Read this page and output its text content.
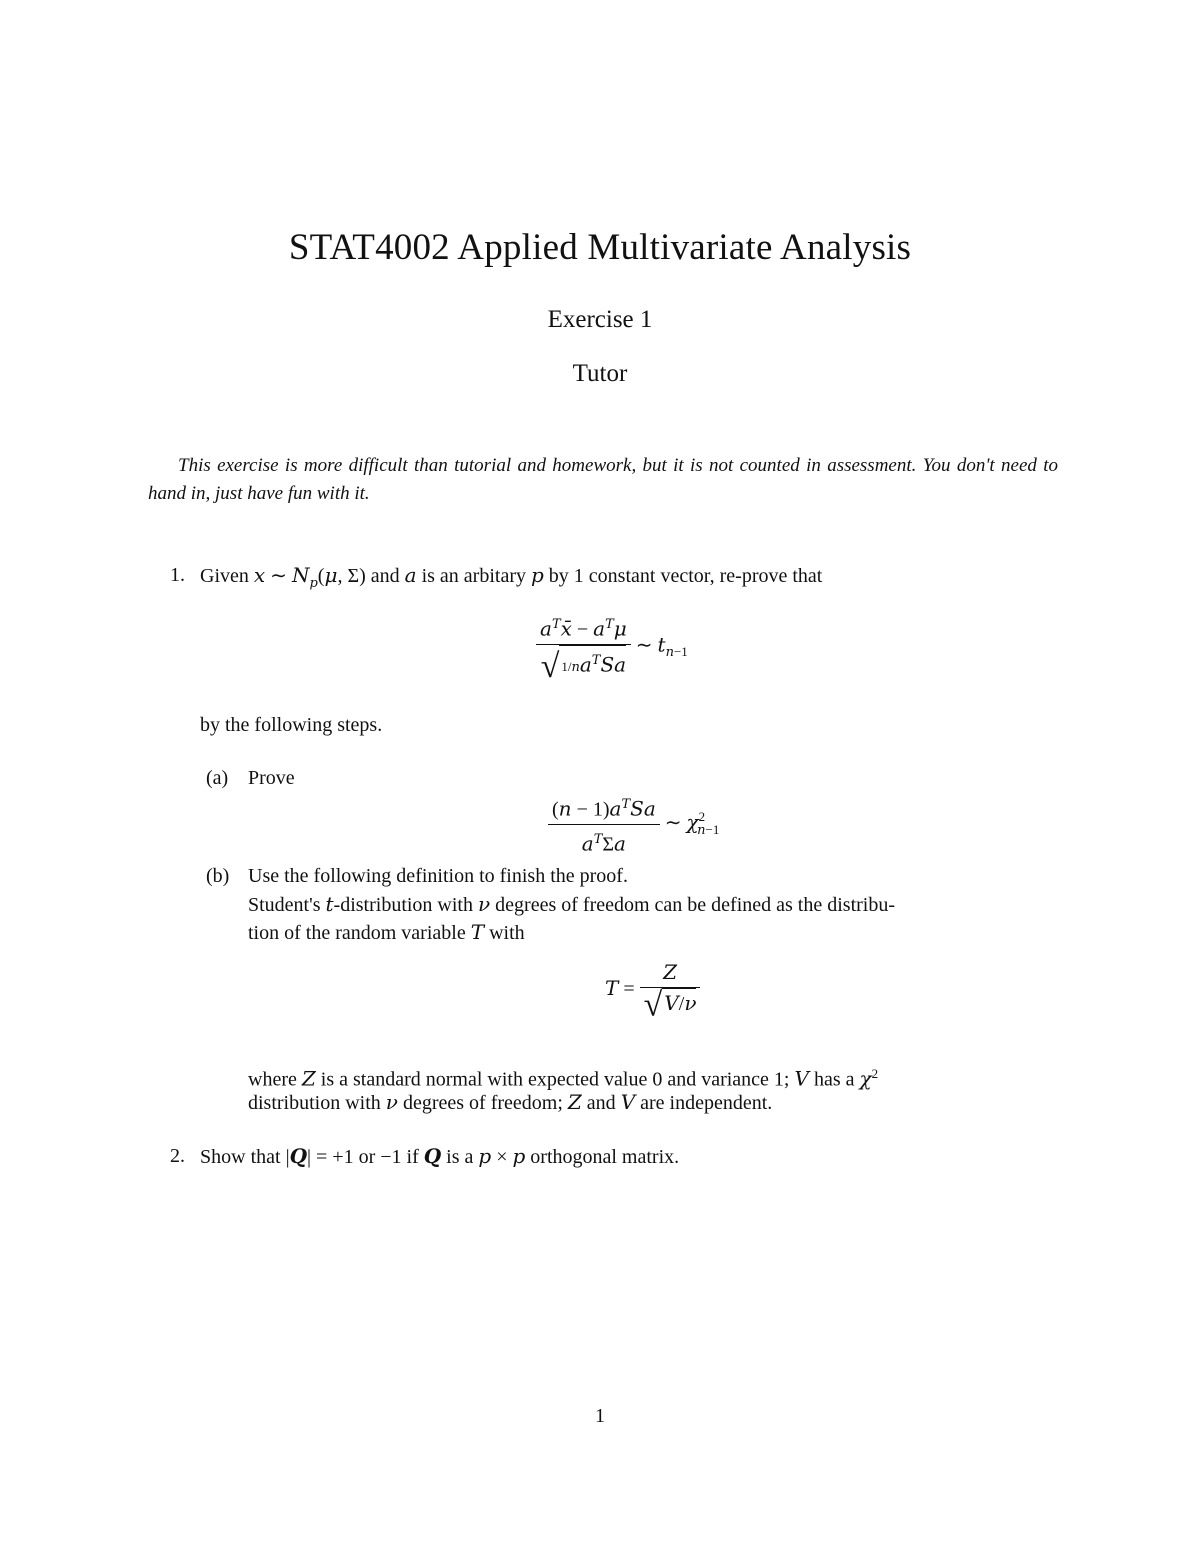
STAT4002 Applied Multivariate Analysis
Exercise 1
Tutor
This exercise is more difficult than tutorial and homework, but it is not counted in assessment. You don't need to hand in, just have fun with it.
1. Given x ∼ $N_p(\mu$, Σ) and a is an arbitary p by 1 constant vector, re-prove that
$\frac{a^Tx̄ - a^T\mu}{√ 1/na^TSa}$ ∼ $t_{n-1}$
by the following steps.
(a) Prove
$\frac{(n - 1)a^TSa}{a^T\Sigma a}$ ∼ $\chi^2_{n-1}$
(b) Use the following definition to finish the proof.
Student's t-distribution with ν degrees of freedom can be defined as the distribu-
tion of the random variable T with
$T = \frac{Z}{√ V/\nu}$
where Z is a standard normal with expected value 0 and variance 1; V has a $\chi^2$
distribution with ν degrees of freedom; Z and V are independent.
2. Show that |Q| = +1 or −1 if Q is a p × p orthogonal matrix.
1
